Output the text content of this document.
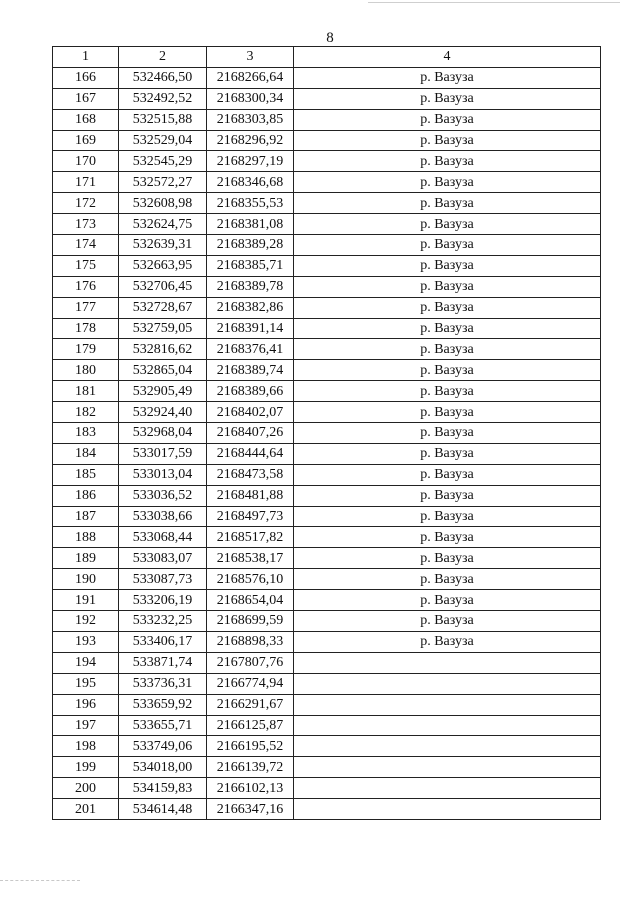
8
1	2	3	4
166	532466,50	2168266,64	р. Вазуза
167	532492,52	2168300,34	р. Вазуза
168	532515,88	2168303,85	р. Вазуза
169	532529,04	2168296,92	р. Вазуза
170	532545,29	2168297,19	р. Вазуза
171	532572,27	2168346,68	р. Вазуза
172	532608,98	2168355,53	р. Вазуза
173	532624,75	2168381,08	р. Вазуза
174	532639,31	2168389,28	р. Вазуза
175	532663,95	2168385,71	р. Вазуза
176	532706,45	2168389,78	р. Вазуза
177	532728,67	2168382,86	р. Вазуза
178	532759,05	2168391,14	р. Вазуза
179	532816,62	2168376,41	р. Вазуза
180	532865,04	2168389,74	р. Вазуза
181	532905,49	2168389,66	р. Вазуза
182	532924,40	2168402,07	р. Вазуза
183	532968,04	2168407,26	р. Вазуза
184	533017,59	2168444,64	р. Вазуза
185	533013,04	2168473,58	р. Вазуза
186	533036,52	2168481,88	р. Вазуза
187	533038,66	2168497,73	р. Вазуза
188	533068,44	2168517,82	р. Вазуза
189	533083,07	2168538,17	р. Вазуза
190	533087,73	2168576,10	р. Вазуза
191	533206,19	2168654,04	р. Вазуза
192	533232,25	2168699,59	р. Вазуза
193	533406,17	2168898,33	р. Вазуза
194	533871,74	2167807,76	
195	533736,31	2166774,94	
196	533659,92	2166291,67	
197	533655,71	2166125,87	
198	533749,06	2166195,52	
199	534018,00	2166139,72	
200	534159,83	2166102,13	
201	534614,48	2166347,16	
